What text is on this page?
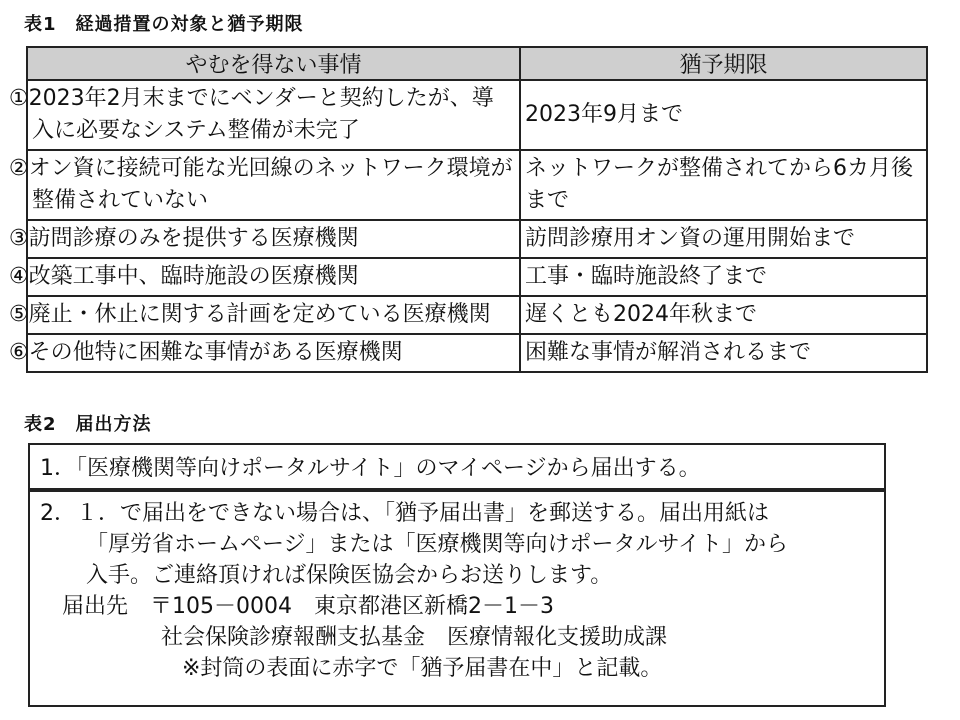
表1　経過措置の対象と猶予期限
やむを得ない事情	猶予期限
①2023年2月末までにベンダーと契約したが、導入に必要なシステム整備が未完了	2023年9月まで
②オン資に接続可能な光回線のネットワーク環境が整備されていない	ネットワークが整備されてから6カ月後まで
③訪問診療のみを提供する医療機関	訪問診療用オン資の運用開始まで
④改築工事中、臨時施設の医療機関	工事・臨時施設終了まで
⑤廃止・休止に関する計画を定めている医療機関	遅くとも2024年秋まで
⑥その他特に困難な事情がある医療機関	困難な事情が解消されるまで
表2　届出方法
1．「医療機関等向けポータルサイト」のマイページから届出する。
2．１．で届出をできない場合は、「猶予届出書」を郵送する。届出用紙は
「厚労省ホームページ」または「医療機関等向けポータルサイト」から
入手。ご連絡頂ければ保険医協会からお送りします。
届出先　〒105－0004　東京都港区新橋2－1－3
社会保険診療報酬支払基金　医療情報化支援助成課
※封筒の表面に赤字で「猶予届書在中」と記載。
